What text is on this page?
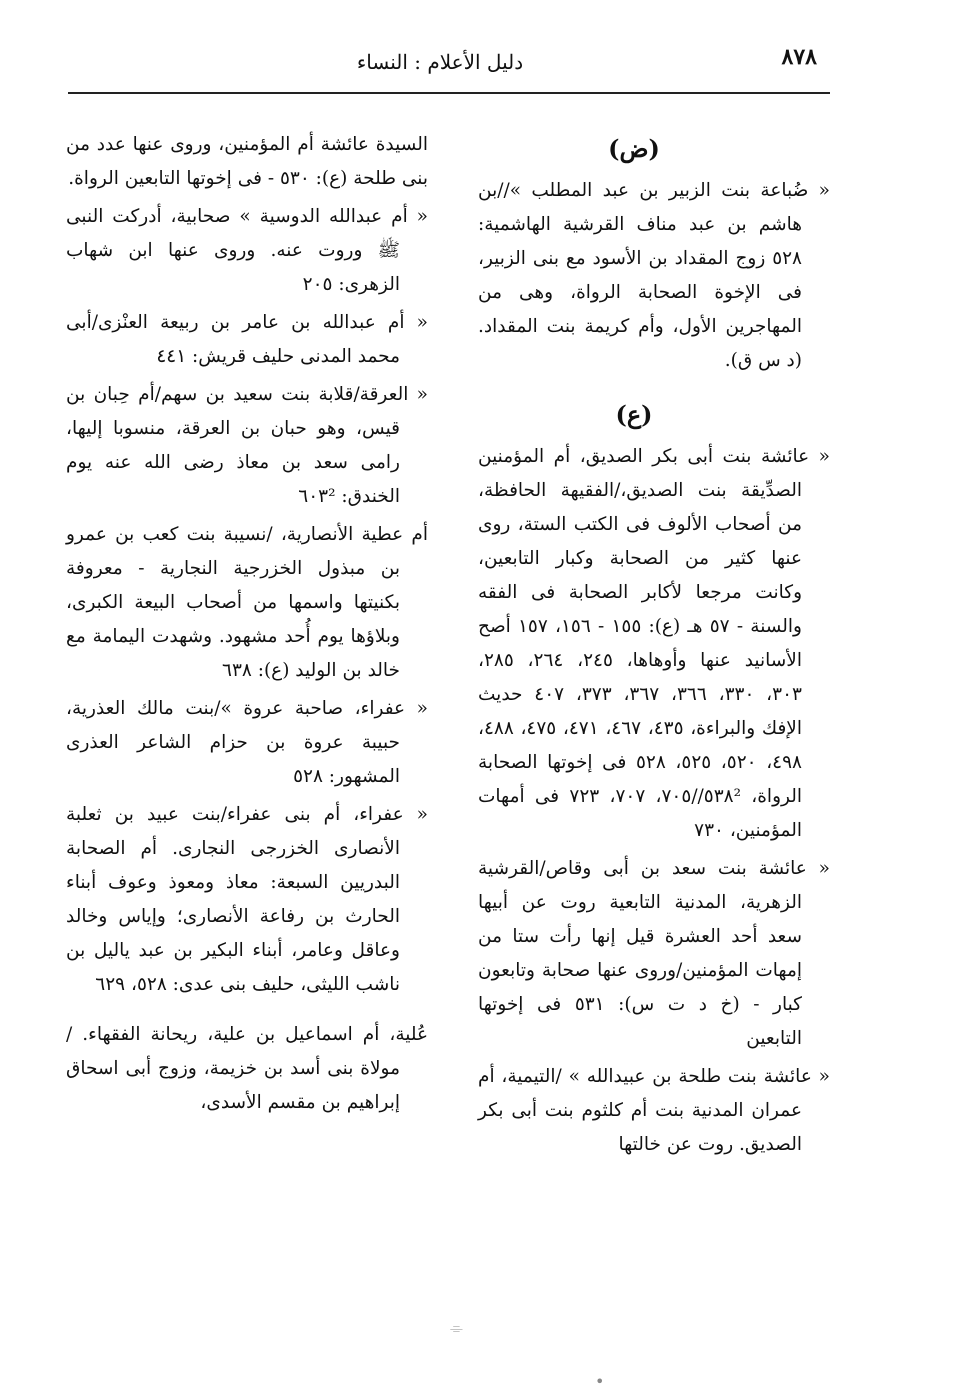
٨٧٨
دليل الأعلام : النساء
(ض)

« ضُباعة بنت الزبير بن عبد المطلب »//بن هاشم بن عبد مناف القرشية الهاشمية: ٥٢٨ زوج المقداد بن الأسود مع بنى الزبير، فى الإخوة الصحابة الرواة، وهى من المهاجرين الأول، وأم كريمة بنت المقداد. (د س ق).

(ع)

« عائشة بنت أبى بكر الصديق، أم المؤمنين الصدِّيقة بنت الصديق،/الفقيهة الحافظة، من أصحاب الألوف فى الكتب الستة، روى عنها كثير من الصحابة وكبار التابعين، وكانت مرجعا لأكابر الصحابة فى الفقه والسنة - ٥٧ هـ (ع): ١٥٥ - ١٥٦، ١٥٧ أصح الأسانيد عنها وأوهاها، ٢٤٥، ٢٦٤، ٢٨٥، ٣٠٣، ٣٣٠، ٣٦٦، ٣٦٧، ٣٧٣، ٤٠٧ حديث الإفك والبراءة، ٤٣٥، ٤٦٧، ٤٧١، ٤٧٥، ٤٨٨، ٤٩٨، ٥٢٠، ٥٢٥، ٥٢٨ فى إخوتها الصحابة الرواة، ٥٣٨²//٧٠٥، ٧٠٧، ٧٢٣ فى أمهات المؤمنين، ٧٣٠

« عائشة بنت سعد بن أبى وقاص/القرشية الزهرية، المدنية التابعية روت عن أبيها سعد أحد العشرة قيل إنها رأت ستا من إمهات المؤمنين/وروى عنها صحابة وتابعون كبار - (خ د ت س): ٥٣١ فى إخوتها التابعين

« عائشة بنت طلحة بن عبيدالله » /التيمية، أم عمران المدنية بنت أم كلثوم بنت أبى بكر الصديق. روت عن خالتها

السيدة عائشة أم المؤمنين، وروى عنها عدد من بنى طلحة (ع): ٥٣٠ - فى إخوتها التابعين الرواة.

« أم عبدالله الدوسية » صحابية، أدركت النبى ﷺ وروت عنه. وروى عنها ابن شهاب الزهرى: ٢٠٥

« أم عبدالله بن عامر بن ربيعة العنْزى/أبى محمد المدنى حليف قريش: ٤٤١

« العرقة/قلابة بنت سعيد بن سهم/أم حِبان بن قيس، وهو حبان بن العرقة، منسوبا إليها، رامى سعد بن معاذ رضى الله عنه يوم الخندق: ٦٠٣²

أم عطية الأنصارية، /نسيبة بنت كعب بن عمرو بن مبذول الخزرجية النجارية - معروفة بكنيتها واسمها من أصحاب البيعة الكبرى، وبلاؤها يوم أُحد مشهود. وشهدت اليمامة مع خالد بن الوليد (ع): ٦٣٨

« عفراء، صاحبة عروة »/بنت مالك العذرية، حبيبة عروة بن حزام الشاعر العذرى المشهور: ٥٢٨

« عفراء، أم بنى عفراء/بنت عبيد بن ثعلبة الأنصارى الخزرجى النجارى. أم الصحابة البدريين السبعة: معاذ ومعوذ وعوف أبناء الحارث بن رفاعة الأنصارى؛ وإياس وخالد وعاقل وعامر، أبناء البكير بن عبد ياليل بن ناشب الليثى، حليف بنى عدى: ٥٢٨، ٦٢٩

عُلية، أم اسماعيل بن علية، ريحانة الفقهاء. / مولاة بنى أسد بن خزيمة، وزوج أبى اسحاق إبراهيم بن مقسم الأسدى،

⌯
•
